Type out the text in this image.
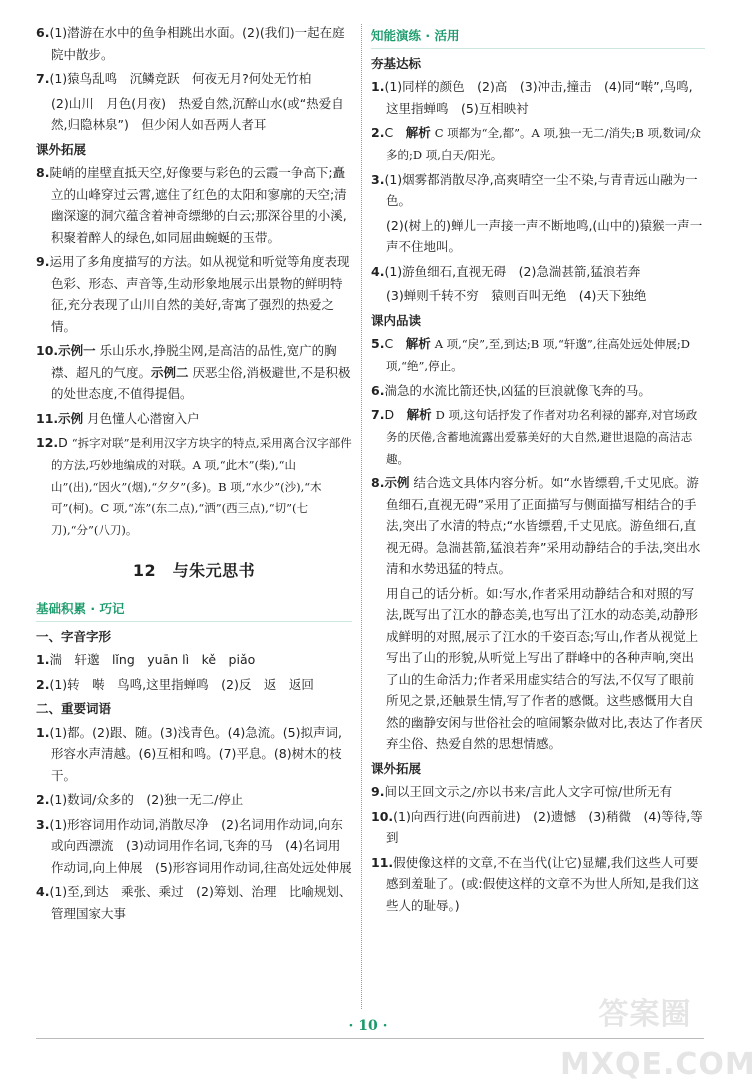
6.(1)潜游在水中的鱼争相跳出水面。(2)(我们)一起在庭院中散步。
7.(1)猿鸟乱鸣　沉鳞竞跃　何夜无月?何处无竹柏
(2)山川　月色(月夜)　热爱自然,沉醉山水(或“热爱自然,归隐林泉”)　但少闲人如吾两人者耳
课外拓展
8.陡峭的崖壁直抵天空,好像要与彩色的云霞一争高下;矗立的山峰穿过云霄,遮住了红色的太阳和寥廓的天空;清幽深邃的洞穴蕴含着神奇缥缈的白云;那深谷里的小溪,积聚着醉人的绿色,如同屈曲蜿蜒的玉带。
9.运用了多角度描写的方法。如从视觉和听觉等角度表现色彩、形态、声音等,生动形象地展示出景物的鲜明特征,充分表现了山川自然的美好,寄寓了强烈的热爱之情。
10.示例一 乐山乐水,挣脱尘网,是高洁的品性,宽广的胸襟、超凡的气度。示例二 厌恶尘俗,消极避世,不是积极的处世态度,不值得提倡。
11.示例 月色懂人心潜窗入户
12.D “拆字对联”是利用汉字方块字的特点,采用离合汉字部件的方法,巧妙地编成的对联。A 项,“此木”(柴),“山山”(出),“因火”(烟),“夕夕”(多)。B 项,“水少”(沙),“木可”(柯)。C 项,“冻”(东二点),“洒”(西三点),“切”(七刀),“分”(八刀)。
12　与朱元思书
基础积累 · 巧记
一、字音字形
1.湍　轩邈　lǐng　yuān lì　kě　piǎo
2.(1)转　啭　鸟鸣,这里指蝉鸣　(2)反　返　返回
二、重要词语
1.(1)都。(2)跟、随。(3)浅青色。(4)急流。(5)拟声词,形容水声清越。(6)互相和鸣。(7)平息。(8)树木的枝干。
2.(1)数词/众多的　(2)独一无二/停止
3.(1)形容词用作动词,消散尽净　(2)名词用作动词,向东或向西漂流　(3)动词用作名词,飞奔的马　(4)名词用作动词,向上伸展　(5)形容词用作动词,往高处远处伸展
4.(1)至,到达　乘张、乘过　(2)筹划、治理　比喻规划、管理国家大事
知能演练 · 活用
夯基达标
1.(1)同样的颜色　(2)高　(3)冲击,撞击　(4)同“啭”,鸟鸣,这里指蝉鸣　(5)互相映衬
2.C　解析 C 项都为“全,都”。A 项,独一无二/消失;B 项,数词/众多的;D 项,白天/阳光。
3.(1)烟雾都消散尽净,高爽晴空一尘不染,与青青远山融为一色。
(2)(树上的)蝉儿一声接一声不断地鸣,(山中的)猿猴一声一声不住地叫。
4.(1)游鱼细石,直视无碍　(2)急湍甚箭,猛浪若奔
(3)蝉则千转不穷　猿则百叫无绝　(4)天下独绝
课内品读
5.C　解析 A 项,“戾”,至,到达;B 项,“轩邈”,往高处远处伸展;D 项,“绝”,停止。
6.湍急的水流比箭还快,凶猛的巨浪就像飞奔的马。
7.D　解析 D 项,这句话抒发了作者对功名利禄的鄙弃,对官场政务的厌倦,含蓄地流露出爱慕美好的大自然,避世退隐的高洁志趣。
8.示例 结合选文具体内容分析。如“水皆缥碧,千丈见底。游鱼细石,直视无碍”采用了正面描写与侧面描写相结合的手法,突出了水清的特点;“水皆缥碧,千丈见底。游鱼细石,直视无碍。急湍甚箭,猛浪若奔”采用动静结合的手法,突出水清和水势迅猛的特点。
用自己的话分析。如:写水,作者采用动静结合和对照的写法,既写出了江水的静态美,也写出了江水的动态美,动静形成鲜明的对照,展示了江水的千姿百态;写山,作者从视觉上写出了山的形貌,从听觉上写出了群峰中的各种声响,突出了山的生命活力;作者采用虚实结合的写法,不仅写了眼前所见之景,还触景生情,写了作者的感慨。这些感慨用大自然的幽静安闲与世俗社会的喧闹繁杂做对比,表达了作者厌弃尘俗、热爱自然的思想情感。
课外拓展
9.间以王回文示之/亦以书来/言此人文字可惊/世所无有
10.(1)向西行进(向西前进)　(2)遗憾　(3)稍微　(4)等待,等到
11.假使像这样的文章,不在当代(让它)显耀,我们这些人可要感到羞耻了。(或:假使这样的文章不为世人所知,是我们这些人的耻辱。)
· 10 ·	答案圈 MXQE.COM
